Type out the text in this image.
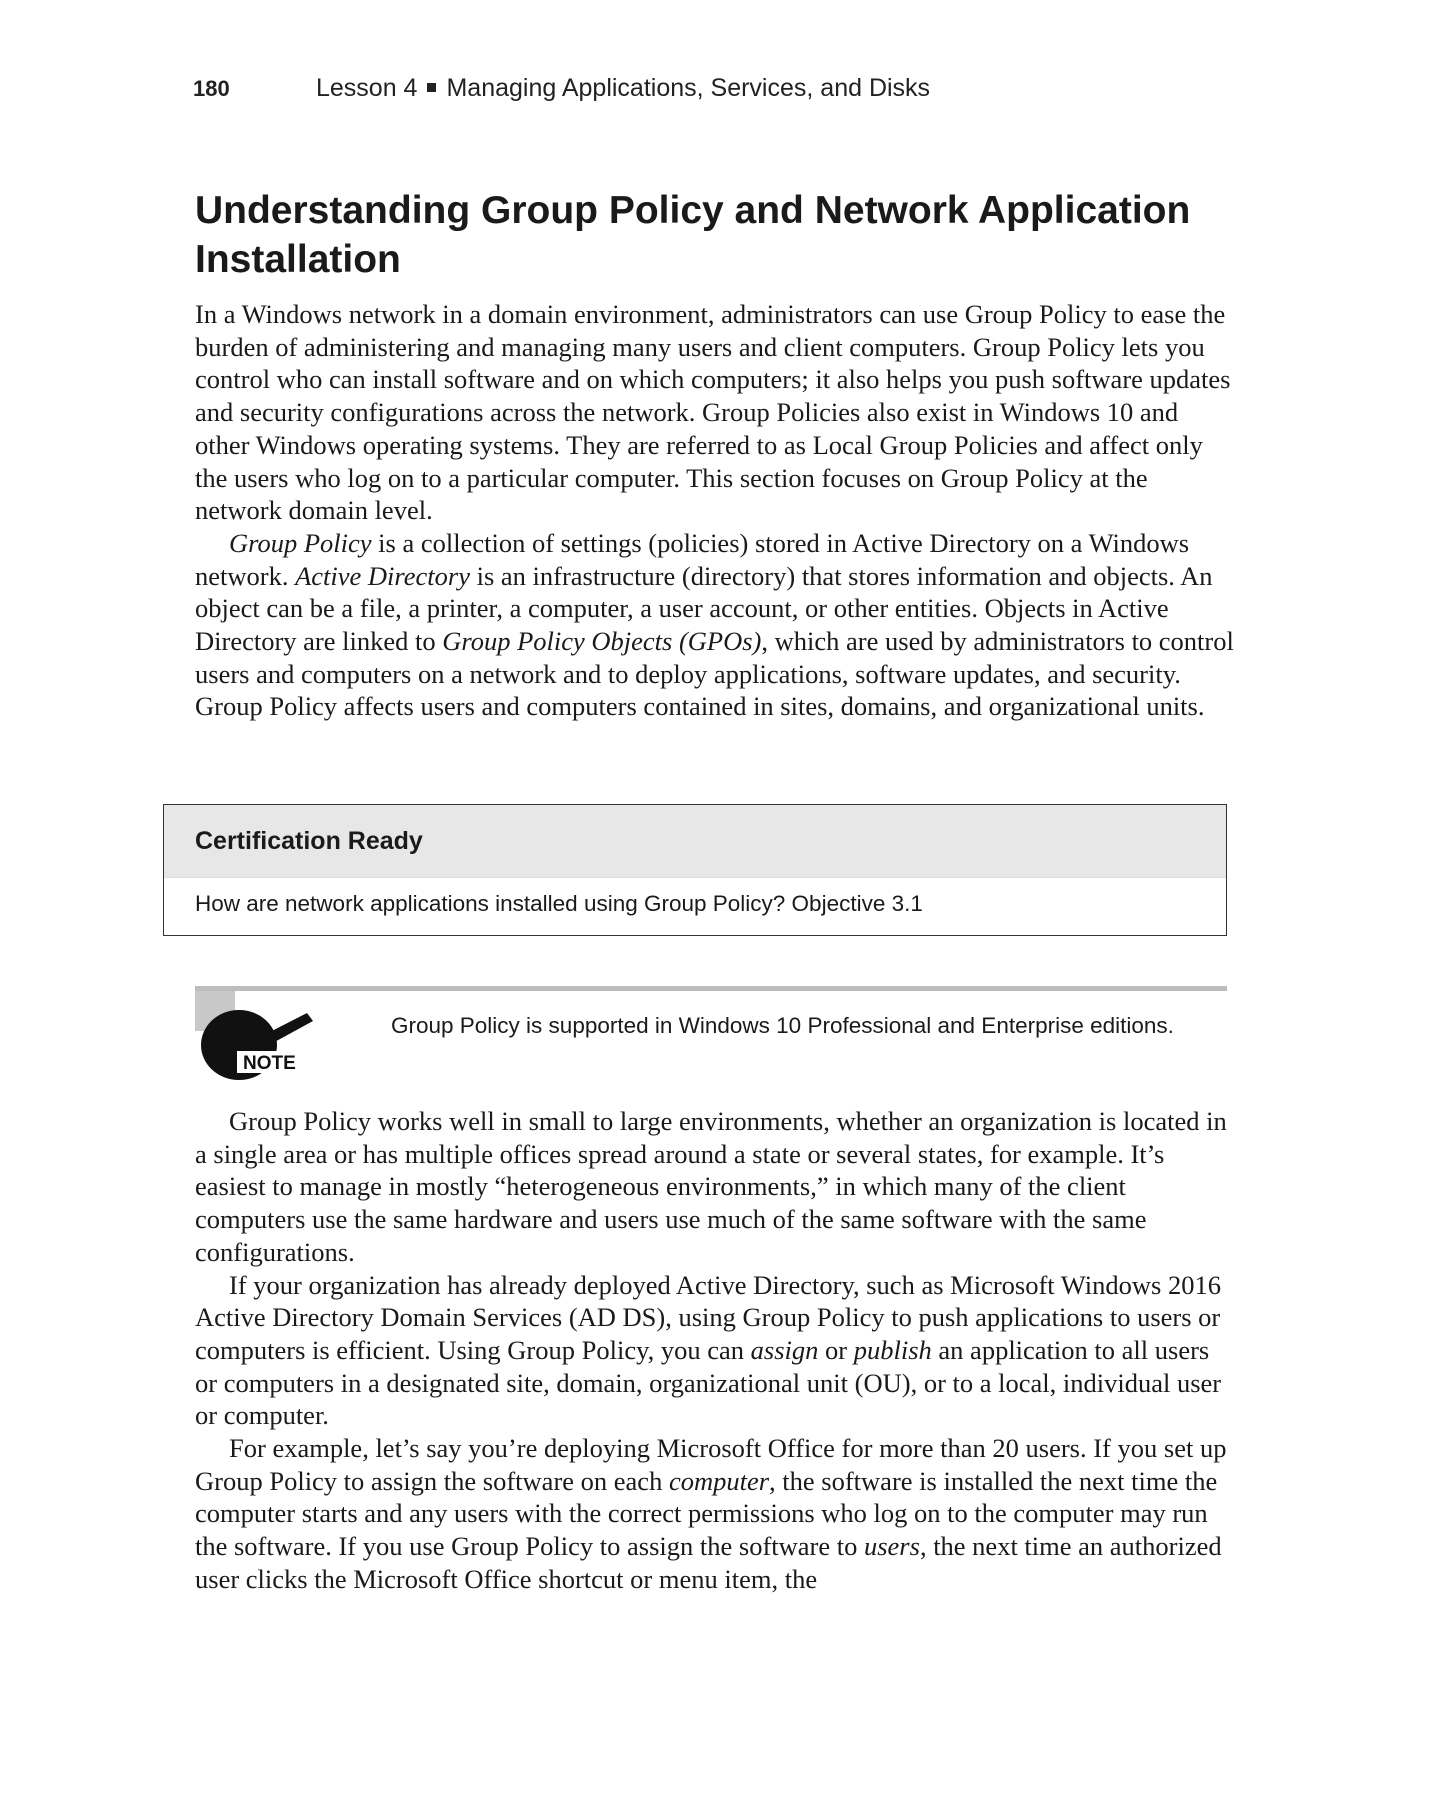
180	Lesson 4 Managing Applications, Services, and Disks
Understanding Group Policy and Network Application Installation

In a Windows network in a domain environment, administrators can use Group Policy to ease the burden of administering and managing many users and client computers. Group Policy lets you control who can install software and on which computers; it also helps you push software updates and security configurations across the network. Group Policies also exist in Windows 10 and other Windows operating systems. They are referred to as Local Group Policies and affect only the users who log on to a particular computer. This section focuses on Group Policy at the network domain level.

Group Policy is a collection of settings (policies) stored in Active Directory on a Windows network. Active Directory is an infrastructure (directory) that stores information and objects. An object can be a file, a printer, a computer, a user account, or other entities. Objects in Active Directory are linked to Group Policy Objects (GPOs), which are used by administrators to control users and computers on a network and to deploy applications, software updates, and security. Group Policy affects users and computers contained in sites, domains, and organizational units.

Certification Ready
How are network applications installed using Group Policy? Objective 3.1
NOTE
Group Policy is supported in Windows 10 Professional and Enterprise editions.

Group Policy works well in small to large environments, whether an organization is located in a single area or has multiple offices spread around a state or several states, for example. It’s easiest to manage in mostly “heterogeneous environments,” in which many of the client computers use the same hardware and users use much of the same software with the same configurations.

If your organization has already deployed Active Directory, such as Microsoft Windows 2016 Active Directory Domain Services (AD DS), using Group Policy to push applications to users or computers is efficient. Using Group Policy, you can assign or publish an application to all users or computers in a designated site, domain, organizational unit (OU), or to a local, individual user or computer.

For example, let’s say you’re deploying Microsoft Office for more than 20 users. If you set up Group Policy to assign the software on each computer, the software is installed the next time the computer starts and any users with the correct permissions who log on to the computer may run the software. If you use Group Policy to assign the software to users, the next time an authorized user clicks the Microsoft Office shortcut or menu item, the
